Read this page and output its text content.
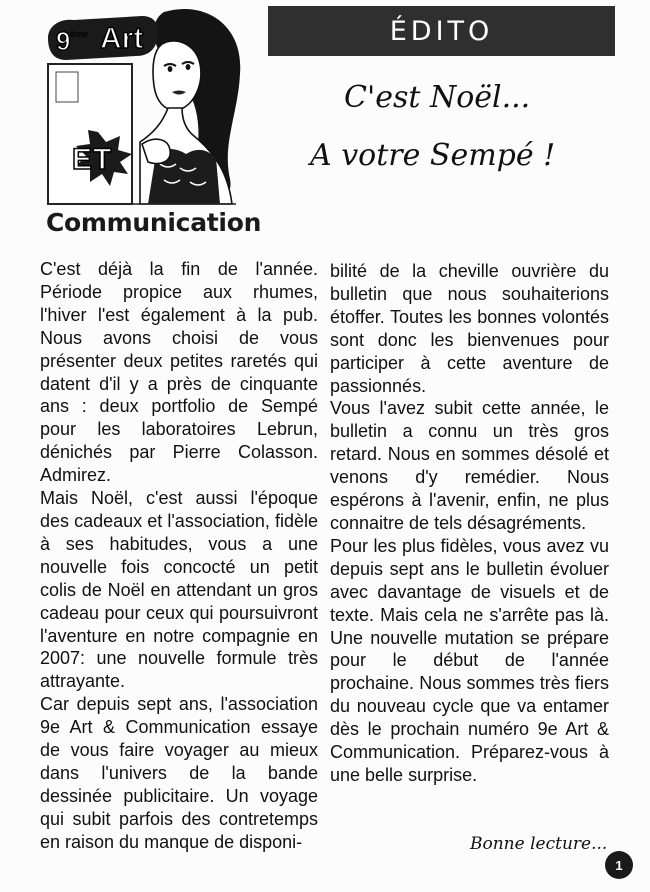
9 ème Art
ET
Communication
ÉDITO
C'est Noël...
A votre Sempé !

C'est déjà la fin de l'année. Période propice aux rhumes, l'hiver l'est également à la pub. Nous avons choisi de vous présenter deux petites raretés qui datent d'il y a près de cinquante ans : deux portfolio de Sempé pour les laboratoires Lebrun, dénichés par Pierre Colasson. Admirez.

Mais Noël, c'est aussi l'époque des cadeaux et l'association, fidèle à ses habitudes, vous a une nouvelle fois concocté un petit colis de Noël en attendant un gros cadeau pour ceux qui poursuivront l'aventure en notre compagnie en 2007: une nouvelle formule très attrayante.

Car depuis sept ans, l'association 9e Art & Communication essaye de vous faire voyager au mieux dans l'univers de la bande dessinée publicitaire. Un voyage qui subit parfois des contretemps en raison du manque de disponi-

bilité de la cheville ouvrière du bulletin que nous souhaiterions étoffer. Toutes les bonnes volontés sont donc les bienvenues pour participer à cette aventure de passionnés.

Vous l'avez subit cette année, le bulletin a connu un très gros retard. Nous en sommes désolé et venons d'y remédier. Nous espérons à l'avenir, enfin, ne plus connaitre de tels désagréments.

Pour les plus fidèles, vous avez vu depuis sept ans le bulletin évoluer avec davantage de visuels et de texte. Mais cela ne s'arrête pas là. Une nouvelle mutation se prépare pour le début de l'année prochaine. Nous sommes très fiers du nouveau cycle que va entamer dès le prochain numéro 9e Art & Communication. Préparez-vous à une belle surprise.

Bonne lecture...
1
